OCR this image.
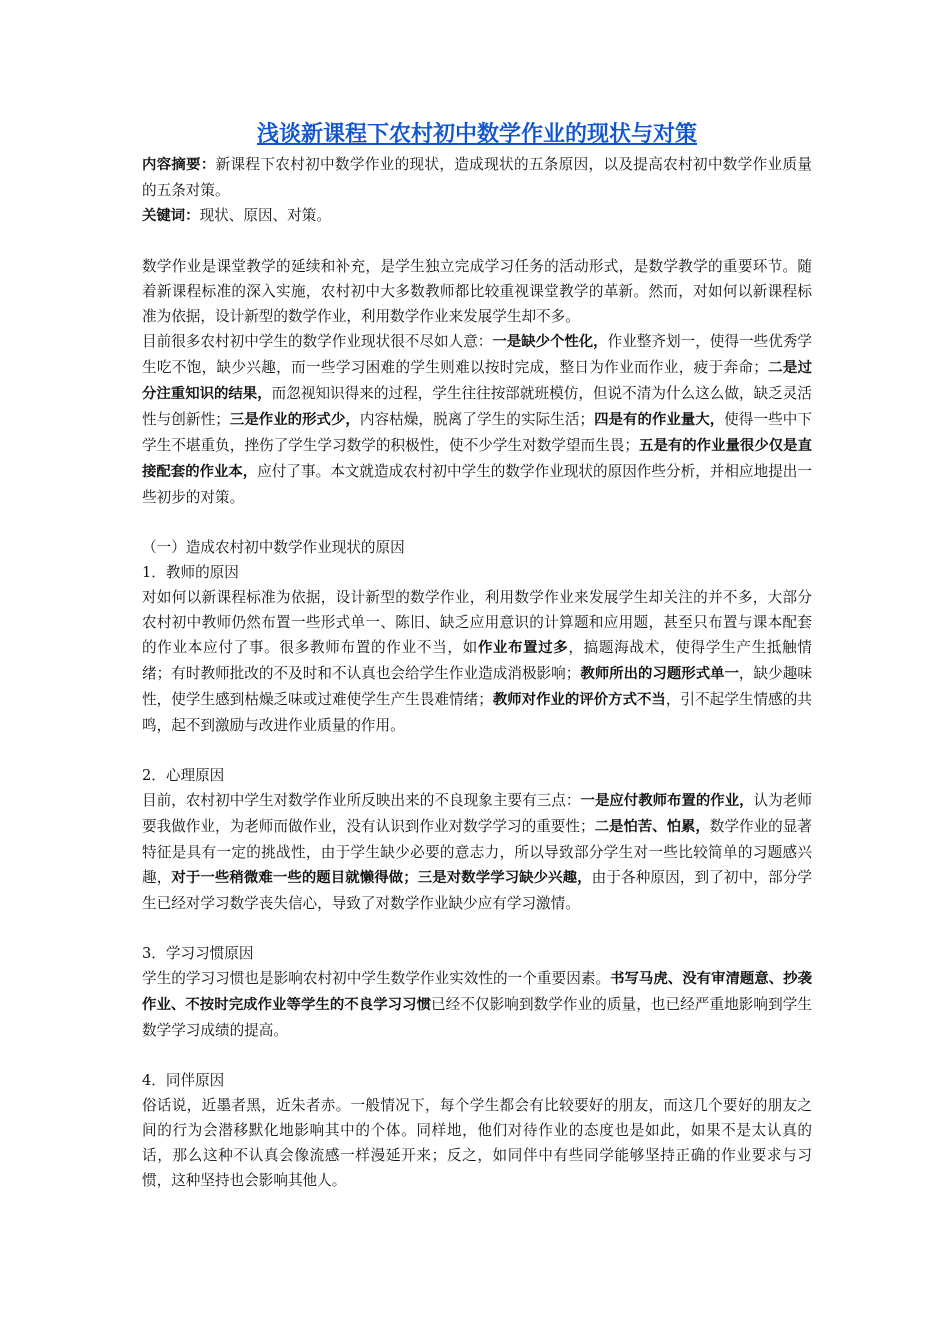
浅谈新课程下农村初中数学作业的现状与对策

内容摘要：新课程下农村初中数学作业的现状，造成现状的五条原因，以及提高农村初中数学作业质量的五条对策。

关键词：现状、原因、对策。

数学作业是课堂教学的延续和补充，是学生独立完成学习任务的活动形式，是数学教学的重要环节。随着新课程标准的深入实施，农村初中大多数教师都比较重视课堂教学的革新。然而，对如何以新课程标准为依据，设计新型的数学作业，利用数学作业来发展学生却不多。

目前很多农村初中学生的数学作业现状很不尽如人意：一是缺少个性化，作业整齐划一，使得一些优秀学生吃不饱，缺少兴趣，而一些学习困难的学生则难以按时完成，整日为作业而作业，疲于奔命；二是过分注重知识的结果，而忽视知识得来的过程，学生往往按部就班模仿，但说不清为什么这么做，缺乏灵活性与创新性；三是作业的形式少，内容枯燥，脱离了学生的实际生活；四是有的作业量大，使得一些中下学生不堪重负，挫伤了学生学习数学的积极性，使不少学生对数学望而生畏；五是有的作业量很少仅是直接配套的作业本，应付了事。本文就造成农村初中学生的数学作业现状的原因作些分析，并相应地提出一些初步的对策。

（一）造成农村初中数学作业现状的原因

1．教师的原因

对如何以新课程标准为依据，设计新型的数学作业，利用数学作业来发展学生却关注的并不多，大部分农村初中教师仍然布置一些形式单一、陈旧、缺乏应用意识的计算题和应用题，甚至只布置与课本配套的作业本应付了事。很多教师布置的作业不当，如作业布置过多，搞题海战术，使得学生产生抵触情绪；有时教师批改的不及时和不认真也会给学生作业造成消极影响；教师所出的习题形式单一，缺少趣味性，使学生感到枯燥乏味或过难使学生产生畏难情绪；教师对作业的评价方式不当，引不起学生情感的共鸣，起不到激励与改进作业质量的作用。

2．心理原因

目前，农村初中学生对数学作业所反映出来的不良现象主要有三点：一是应付教师布置的作业，认为老师要我做作业，为老师而做作业，没有认识到作业对数学学习的重要性；二是怕苦、怕累，数学作业的显著特征是具有一定的挑战性，由于学生缺少必要的意志力，所以导致部分学生对一些比较简单的习题感兴趣，对于一些稍微难一些的题目就懒得做；三是对数学学习缺少兴趣，由于各种原因，到了初中，部分学生已经对学习数学丧失信心，导致了对数学作业缺少应有学习激情。

3．学习习惯原因

学生的学习习惯也是影响农村初中学生数学作业实效性的一个重要因素。书写马虎、没有审清题意、抄袭作业、不按时完成作业等学生的不良学习习惯已经不仅影响到数学作业的质量，也已经严重地影响到学生数学学习成绩的提高。

4．同伴原因

俗话说，近墨者黑，近朱者赤。一般情况下，每个学生都会有比较要好的朋友，而这几个要好的朋友之间的行为会潜移默化地影响其中的个体。同样地，他们对待作业的态度也是如此，如果不是太认真的话，那么这种不认真会像流感一样漫延开来；反之，如同伴中有些同学能够坚持正确的作业要求与习惯，这种坚持也会影响其他人。
